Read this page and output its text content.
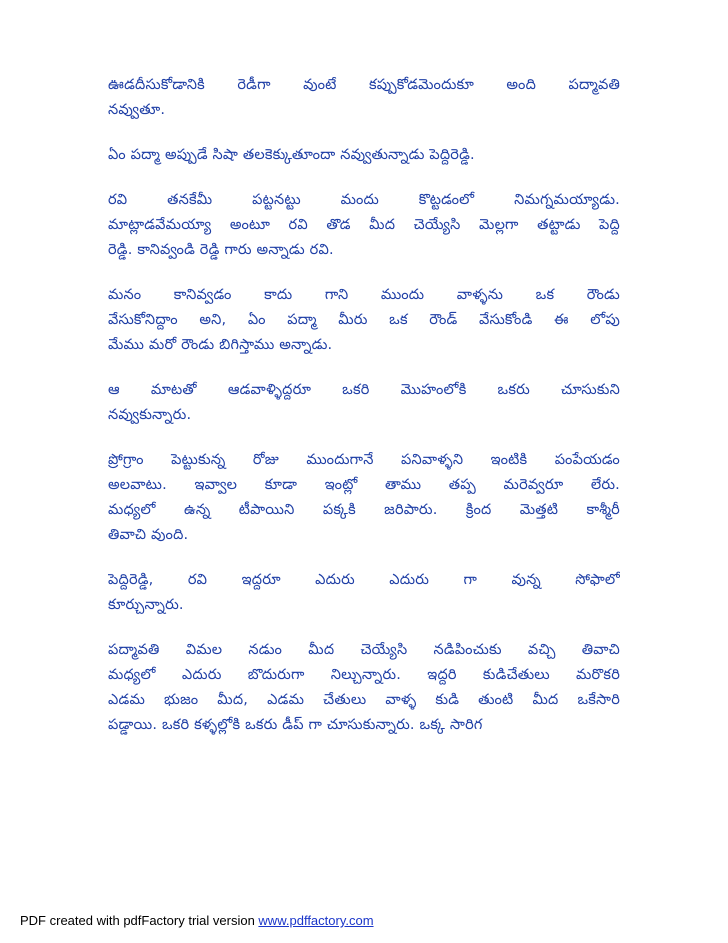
ఊడదీసుకోడానికి రెడీగా వుంటే కప్పుకోడమెందుకూ అంది పద్మావతి
నవ్వుతూ.
ఏం పద్మా అప్పుడే సిషా తలకెక్కుతూందా నవ్వుతున్నాడు పెద్దిరెడ్డి.
రవి తనకేమీ పట్టనట్టు మందు కొట్టడంలో నిమగ్నమయ్యాడు.
మాట్లాడవేమయ్యా అంటూ రవి తొడ మీద చెయ్యేసి మెల్లగా తట్టాడు పెద్ది
రెడ్డి. కానివ్వండి రెడ్డి గారు అన్నాడు రవి.
మనం కానివ్వడం కాదు గాని ముందు వాళ్ళను ఒక రౌండు
వేసుకోనిద్దాం అని, ఏం పద్మా మీరు ఒక రౌండ్ వేసుకోండి ఈ లోపు
మేము మరో రౌండు బిగిస్తాము అన్నాడు.
ఆ మాటతో ఆడవాళ్ళిద్దరూ ఒకరి మొహంలోకి ఒకరు చూసుకుని
నవ్వుకున్నారు.
ప్రోగ్రాం పెట్టుకున్న రోజు ముందుగానే పనివాళ్ళని ఇంటికి పంపేయడం
అలవాటు. ఇవ్వాల కూడా ఇంట్లో తాము తప్ప మరెవ్వరూ లేరు.
మధ్యలో ఉన్న టీపాయిని పక్కకి జరిపారు. క్రింద మెత్తటి కాశ్మీరీ
తివాచి వుంది.
పెద్దిరెడ్డి, రవి ఇద్దరూ ఎదురు ఎదురు గా వున్న సోఫాలో
కూర్చున్నారు.
పద్మావతి విమల నడుం మీద చెయ్యేసి నడిపించుకు వచ్చి తివాచి
మధ్యలో ఎదురు బొదురుగా నిల్చున్నారు. ఇద్దరి కుడిచేతులు మరొకరి
ఎడమ భుజం మీద, ఎడమ చేతులు వాళ్ళ కుడి తుంటి మీద ఒకేసారి
పడ్డాయి. ఒకరి కళ్ళల్లోకి ఒకరు డీప్ గా చూసుకున్నారు. ఒక్క సారిగ
PDF created with pdfFactory trial version www.pdffactory.com
